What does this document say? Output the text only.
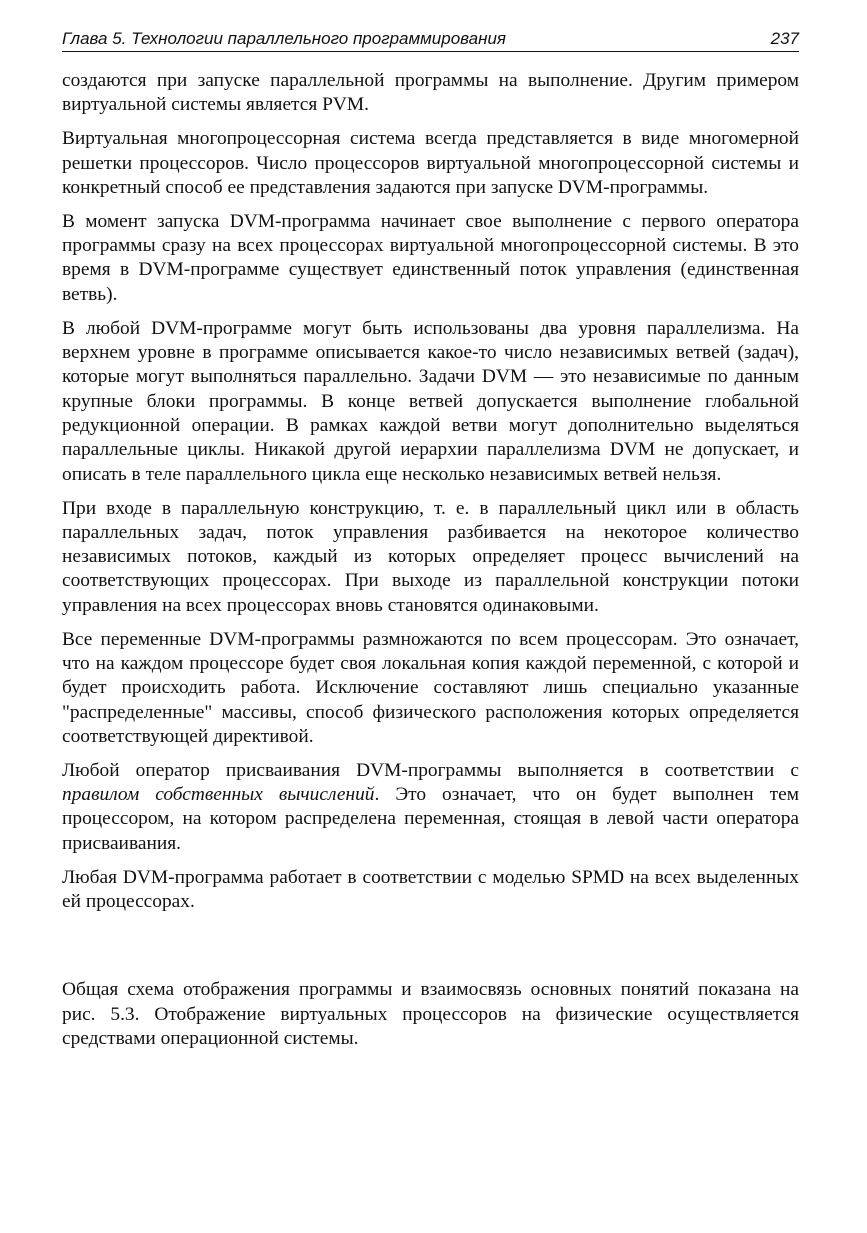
Глава 5. Технологии параллельного программирования	237

создаются при запуске параллельной программы на выполнение. Другим примером виртуальной системы является PVM.

Виртуальная многопроцессорная система всегда представляется в виде многомерной решетки процессоров. Число процессоров виртуальной многопроцессорной системы и конкретный способ ее представления задаются при запуске DVM-программы.

В момент запуска DVM-программа начинает свое выполнение с первого оператора программы сразу на всех процессорах виртуальной многопроцессорной системы. В это время в DVM-программе существует единственный поток управления (единственная ветвь).

В любой DVM-программе могут быть использованы два уровня параллелизма. На верхнем уровне в программе описывается какое-то число независимых ветвей (задач), которые могут выполняться параллельно. Задачи DVM — это независимые по данным крупные блоки программы. В конце ветвей допускается выполнение глобальной редукционной операции. В рамках каждой ветви могут дополнительно выделяться параллельные циклы. Никакой другой иерархии параллелизма DVM не допускает, и описать в теле параллельного цикла еще несколько независимых ветвей нельзя.

При входе в параллельную конструкцию, т. е. в параллельный цикл или в область параллельных задач, поток управления разбивается на некоторое количество независимых потоков, каждый из которых определяет процесс вычислений на соответствующих процессорах. При выходе из параллельной конструкции потоки управления на всех процессорах вновь становятся одинаковыми.

Все переменные DVM-программы размножаются по всем процессорам. Это означает, что на каждом процессоре будет своя локальная копия каждой переменной, с которой и будет происходить работа. Исключение составляют лишь специально указанные "распределенные" массивы, способ физического расположения которых определяется соответствующей директивой.

Любой оператор присваивания DVM-программы выполняется в соответствии с правилом собственных вычислений. Это означает, что он будет выполнен тем процессором, на котором распределена переменная, стоящая в левой части оператора присваивания.

Любая DVM-программа работает в соответствии с моделью SPMD на всех выделенных ей процессорах.

Общая схема отображения программы и взаимосвязь основных понятий показана на рис. 5.3. Отображение виртуальных процессоров на физические осуществляется средствами операционной системы.
